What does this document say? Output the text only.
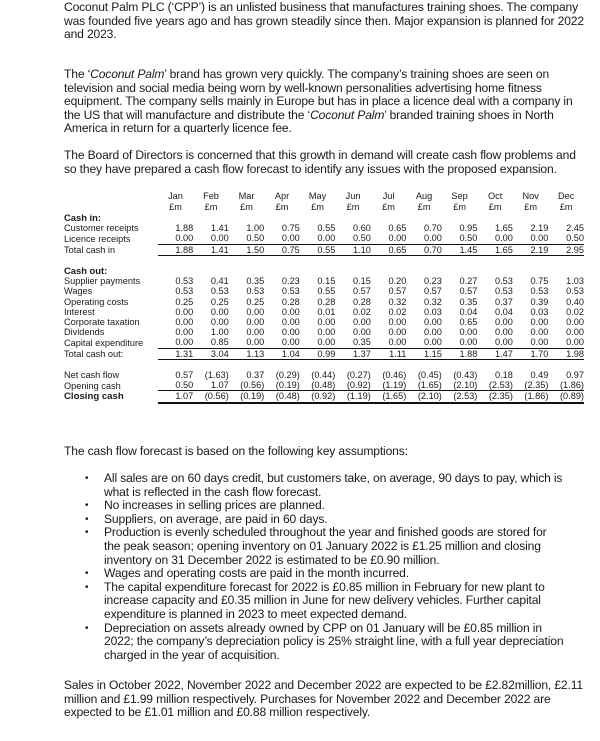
Coconut Palm PLC (‘CPP’) is an unlisted business that manufactures training shoes. The company was founded five years ago and has grown steadily since then. Major expansion is planned for 2022 and 2023.

The ‘Coconut Palm’ brand has grown very quickly. The company’s training shoes are seen on television and social media being worn by well-known personalities advertising home fitness equipment. The company sells mainly in Europe but has in place a licence deal with a company in the US that will manufacture and distribute the ‘Coconut Palm’ branded training shoes in North America in return for a quarterly licence fee.

The Board of Directors is concerned that this growth in demand will create cash flow problems and so they have prepared a cash flow forecast to identify any issues with the proposed expansion.

	Jan	Feb	Mar	Apr	May	Jun	Jul	Aug	Sep	Oct	Nov	Dec
	£m	£m	£m	£m	£m	£m	£m	£m	£m	£m	£m	£m
Cash in:												
Customer receipts	1.88	1.41	1.00	0.75	0.55	0.60	0.65	0.70	0.95	1.65	2.19	2.45
Licence receipts	0.00	0.00	0.50	0.00	0.00	0.50	0.00	0.00	0.50	0.00	0.00	0.50
Total cash in	1.88	1.41	1.50	0.75	0.55	1.10	0.65	0.70	1.45	1.65	2.19	2.95

Cash out:												
Supplier payments	0.53	0.41	0.35	0.23	0.15	0.15	0.20	0.23	0.27	0.53	0.75	1.03
Wages	0.53	0.53	0.53	0.53	0.55	0.57	0.57	0.57	0.57	0.53	0.53	0.53
Operating costs	0.25	0.25	0.25	0.28	0.28	0.28	0.32	0.32	0.35	0.37	0.39	0.40
Interest	0.00	0.00	0.00	0.00	0.01	0.02	0.02	0.03	0.04	0.04	0.03	0.02
Corporate taxation	0.00	0.00	0.00	0.00	0.00	0.00	0.00	0.00	0.65	0.00	0.00	0.00
Dividends	0.00	1.00	0.00	0.00	0.00	0.00	0.00	0.00	0.00	0.00	0.00	0.00
Capital expenditure	0.00	0.85	0.00	0.00	0.00	0.35	0.00	0.00	0.00	0.00	0.00	0.00
Total cash out:	1.31	3.04	1.13	1.04	0.99	1.37	1.11	1.15	1.88	1.47	1.70	1.98

Net cash flow	0.57	(1.63)	0.37	(0.29)	(0.44)	(0.27)	(0.46)	(0.45)	(0.43)	0.18	0.49	0.97
Opening cash	0.50	1.07	(0.56)	(0.19)	(0.48)	(0.92)	(1.19)	(1.65)	(2.10)	(2.53)	(2.35)	(1.86)
Closing cash	1.07	(0.56)	(0.19)	(0.48)	(0.92)	(1.19)	(1.65)	(2.10)	(2.53)	(2.35)	(1.86)	(0.89)

The cash flow forecast is based on the following key assumptions:

• All sales are on 60 days credit, but customers take, on average, 90 days to pay, which is what is reflected in the cash flow forecast.
• No increases in selling prices are planned.
• Suppliers, on average, are paid in 60 days.
• Production is evenly scheduled throughout the year and finished goods are stored for the peak season; opening inventory on 01 January 2022 is £1.25 million and closing inventory on 31 December 2022 is estimated to be £0.90 million.
• Wages and operating costs are paid in the month incurred.
• The capital expenditure forecast for 2022 is £0.85 million in February for new plant to increase capacity and £0.35 million in June for new delivery vehicles. Further capital expenditure is planned in 2023 to meet expected demand.
• Depreciation on assets already owned by CPP on 01 January will be £0.85 million in 2022; the company’s depreciation policy is 25% straight line, with a full year depreciation charged in the year of acquisition.

Sales in October 2022, November 2022 and December 2022 are expected to be £2.82million, £2.11 million and £1.99 million respectively. Purchases for November 2022 and December 2022 are expected to be £1.01 million and £0.88 million respectively.
